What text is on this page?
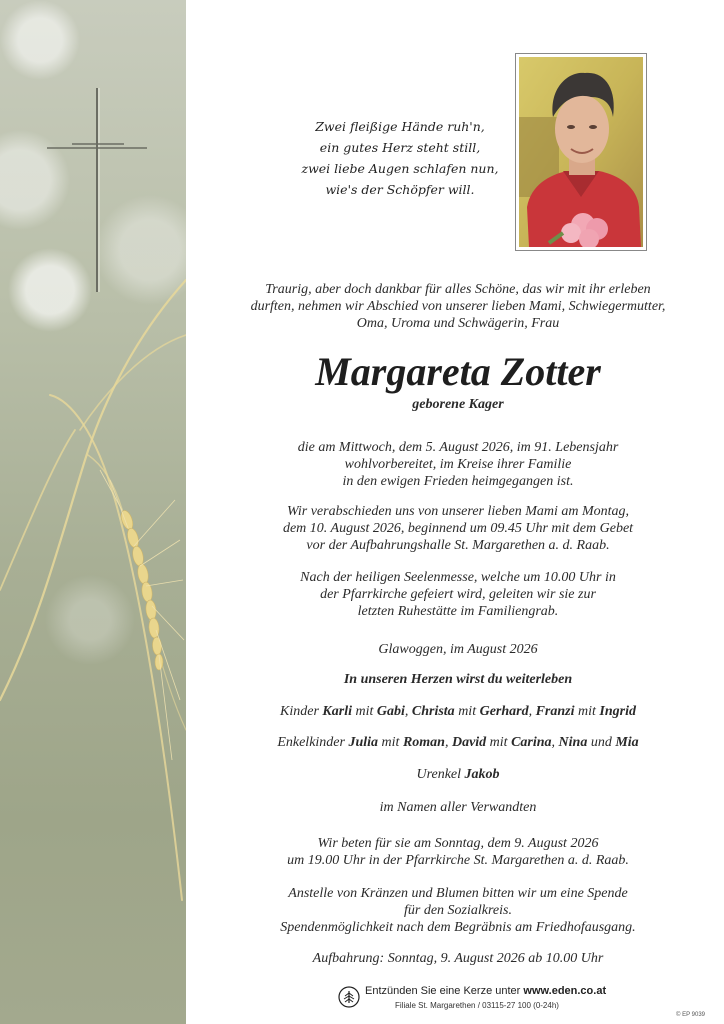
Zwei fleißige Hände ruh'n,
ein gutes Herz steht still,
zwei liebe Augen schlafen nun,
wie's der Schöpfer will.
Traurig, aber doch dankbar für alles Schöne, das wir mit ihr erleben
durften, nehmen wir Abschied von unserer lieben Mami, Schwiegermutter,
Oma, Uroma und Schwägerin, Frau
Margareta Zotter
geborene Kager
die am Mittwoch, dem 5. August 2026, im 91. Lebensjahr
wohlvorbereitet, im Kreise ihrer Familie
in den ewigen Frieden heimgegangen ist.
Wir verabschieden uns von unserer lieben Mami am Montag,
dem 10. August 2026, beginnend um 09.45 Uhr mit dem Gebet
vor der Aufbahrungshalle St. Margarethen a. d. Raab.
Nach der heiligen Seelenmesse, welche um 10.00 Uhr in
der Pfarrkirche gefeiert wird, geleiten wir sie zur
letzten Ruhestätte im Familiengrab.
Glawoggen, im August 2026
In unseren Herzen wirst du weiterleben
Kinder Karli mit Gabi, Christa mit Gerhard, Franzi mit Ingrid
Enkelkinder Julia mit Roman, David mit Carina, Nina und Mia
Urenkel Jakob
im Namen aller Verwandten
Wir beten für sie am Sonntag, dem 9. August 2026
um 19.00 Uhr in der Pfarrkirche St. Margarethen a. d. Raab.
Anstelle von Kränzen und Blumen bitten wir um eine Spende
für den Sozialkreis.
Spendenmöglichkeit nach dem Begräbnis am Friedhofausgang.
Aufbahrung: Sonntag, 9. August 2026 ab 10.00 Uhr
Entzünden Sie eine Kerze unter www.eden.co.at
Filiale St. Margarethen / 03115-27 100 (0-24h)
© EP 9039
